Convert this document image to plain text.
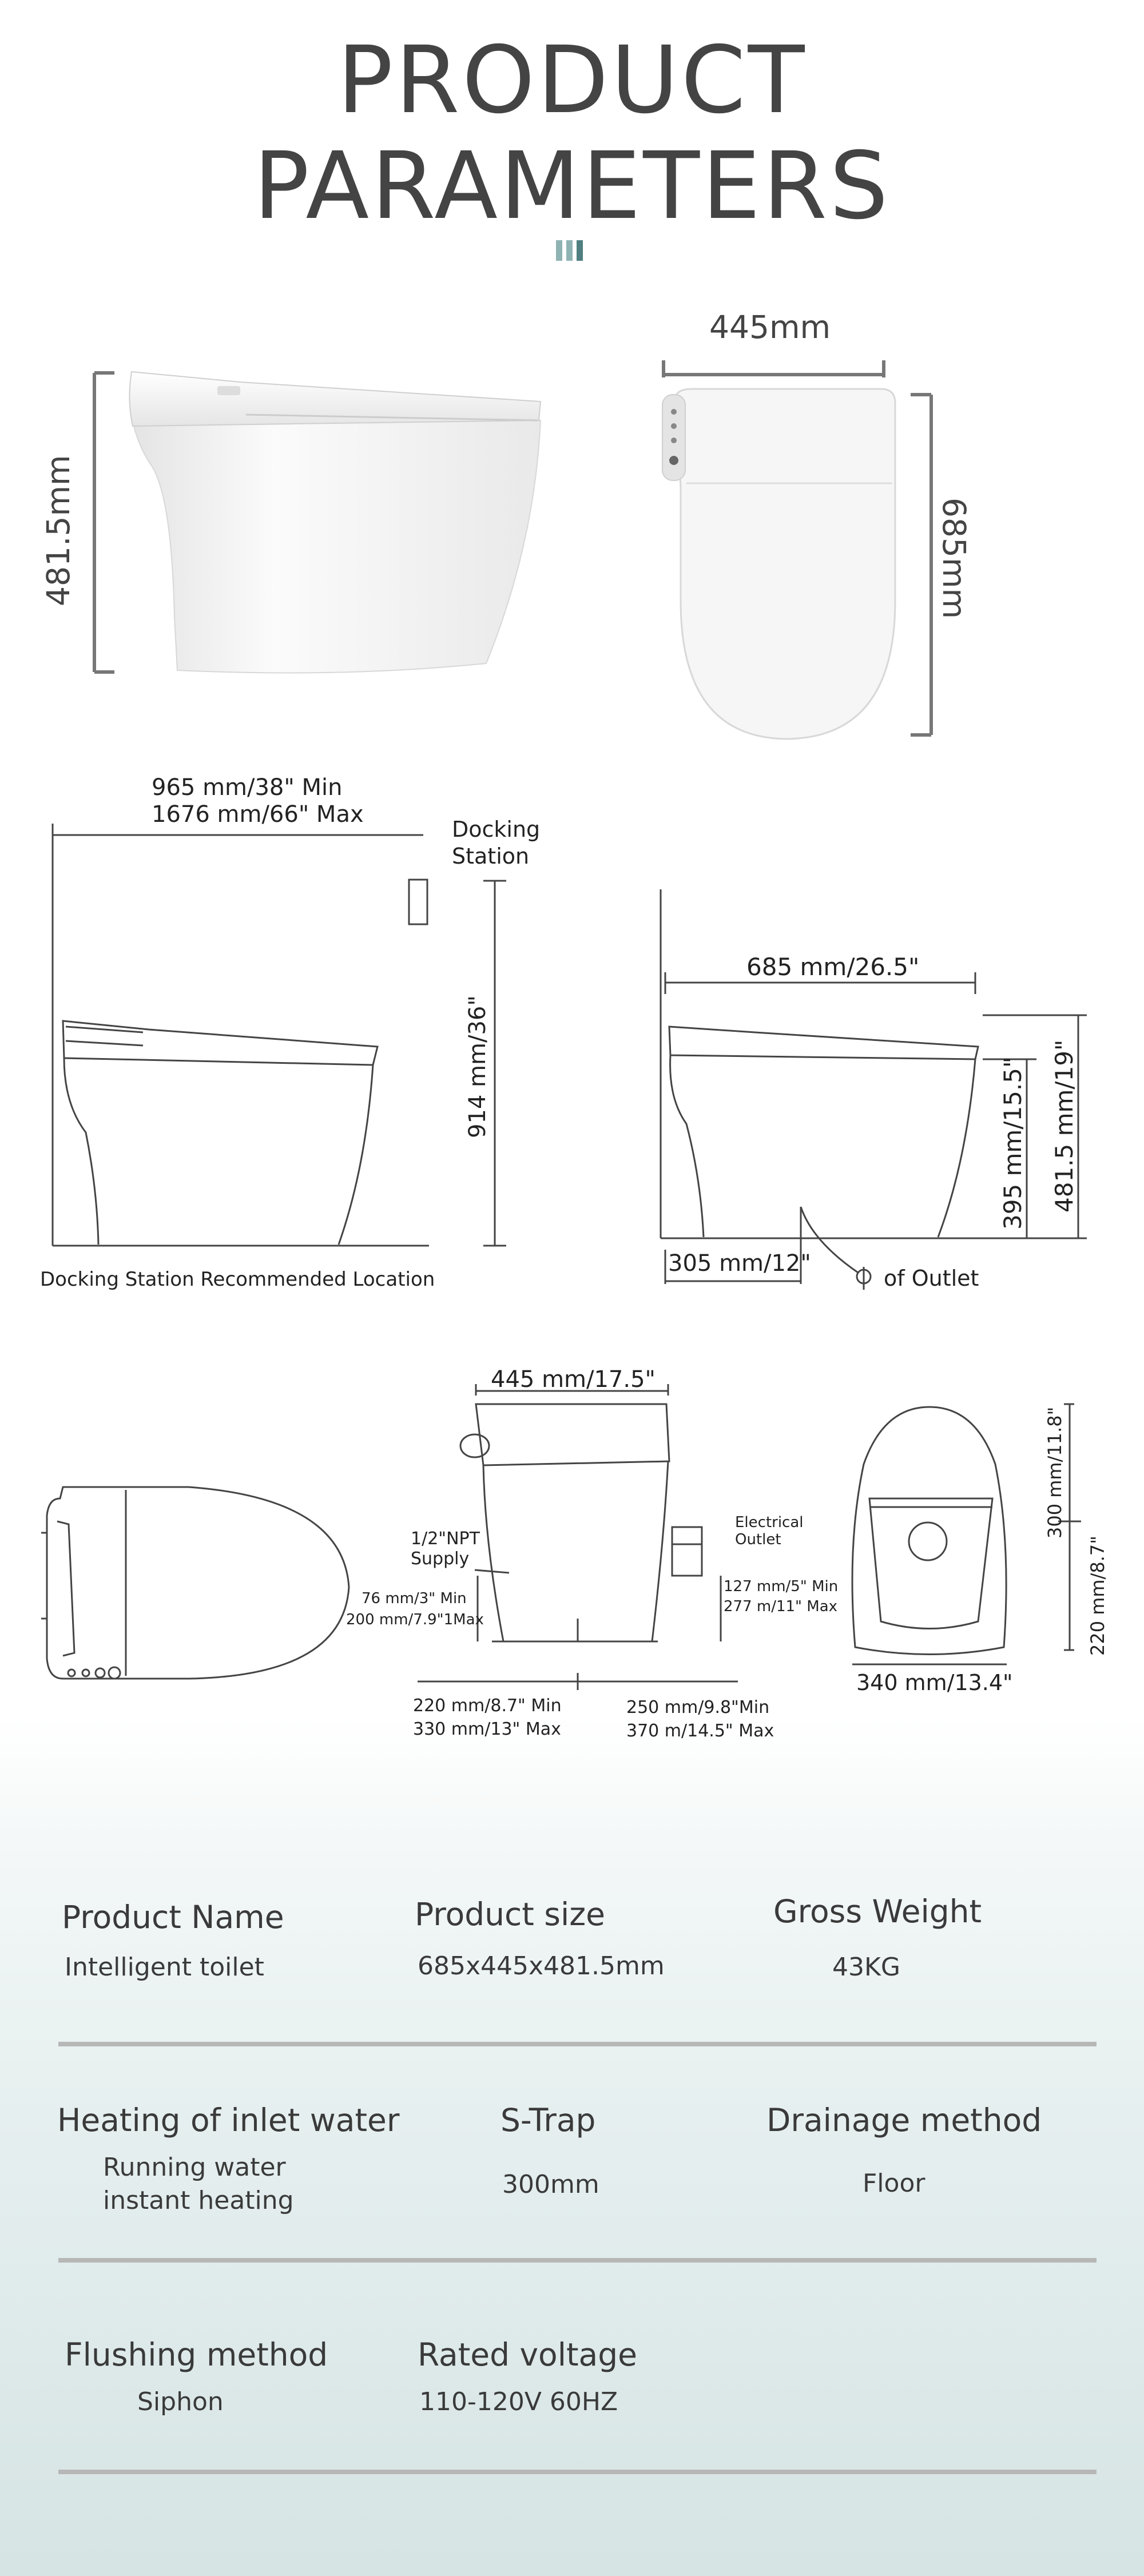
PRODUCT
PARAMETERS
481.5mm
445mm
685mm
965 mm/38" Min
1676 mm/66" Max
Docking
Station
914 mm/36"
Docking Station Recommended Location
685 mm/26.5"
395 mm/15.5" 481.5 mm/19"
305 mm/12"
of Outlet
445 mm/17.5"
1/2"NPT
Supply
76 mm/3" Min
200 mm/7.9"1Max
Electrical
Outlet
127 mm/5" Min
277 m/11" Max
220 mm/8.7" Min
330 mm/13" Max
250 mm/9.8"Min
370 m/14.5" Max
300 mm/11.8"
220 mm/8.7"
340 mm/13.4"
Product Name
Intelligent toilet
Product size
685x445x481.5mm
Gross Weight
43KG
Heating of inlet water
Running water
instant heating
S-Trap
300mm
Drainage method
Floor
Flushing method
Siphon
Rated voltage
110-120V 60HZ
